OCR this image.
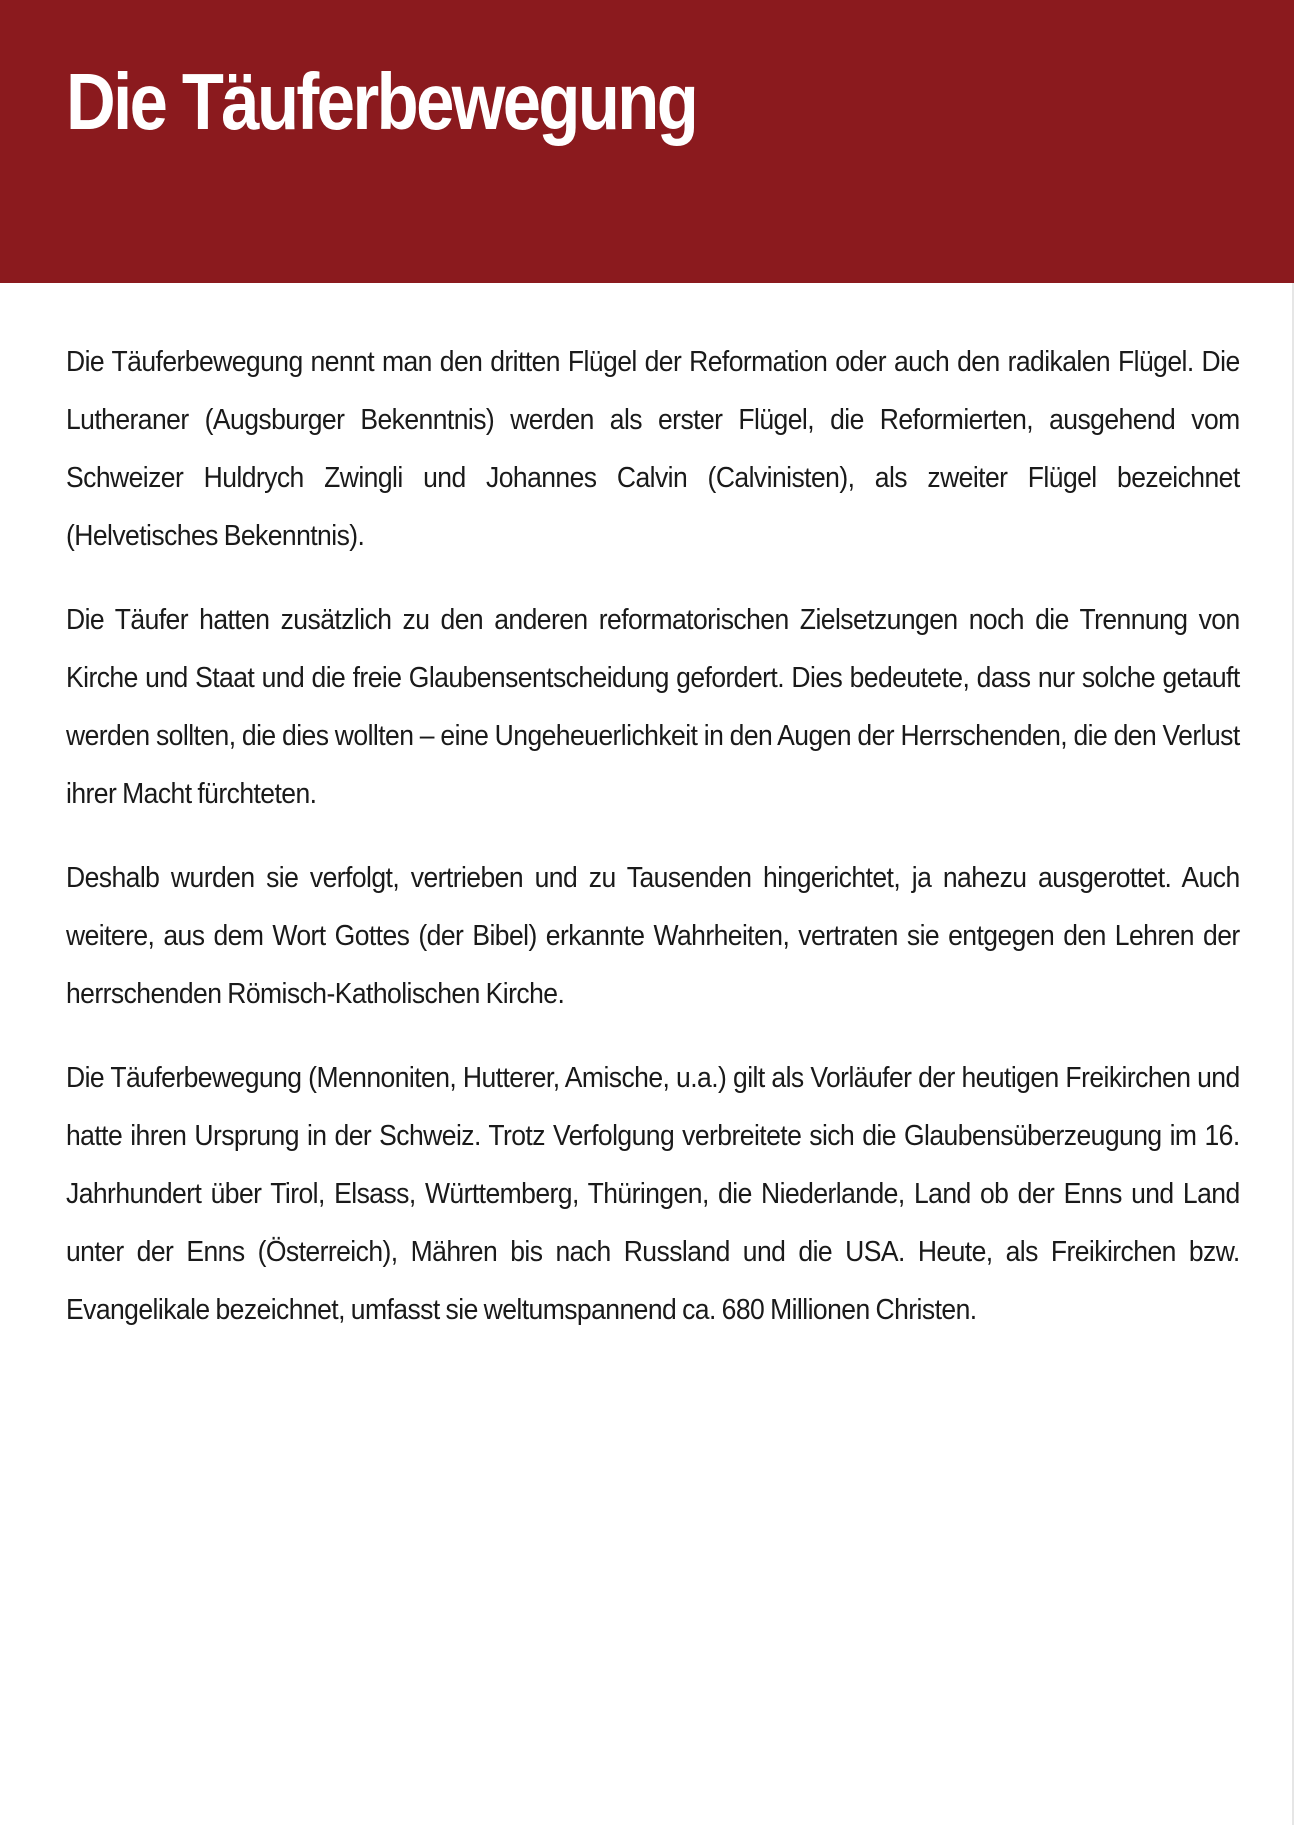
Die Täuferbewegung

Die Täuferbewegung nennt man den dritten Flügel der Reformation oder auch den radikalen Flügel. Die Lutheraner (Augsburger Bekenntnis) werden als erster Flügel, die Reformierten, ausgehend vom Schweizer Huldrych Zwingli und Johannes Calvin (Calvinisten), als zweiter Flügel bezeichnet (Helvetisches Bekenntnis).

Die Täufer hatten zusätzlich zu den anderen reformatorischen Zielsetzungen noch die Trennung von Kirche und Staat und die freie Glaubensentscheidung gefordert. Dies bedeutete, dass nur solche getauft werden sollten, die dies wollten – eine Ungeheuerlichkeit in den Augen der Herrschenden, die den Verlust ihrer Macht fürchteten.

Deshalb wurden sie verfolgt, vertrieben und zu Tausenden hingerichtet, ja nahezu ausgerottet. Auch weitere, aus dem Wort Gottes (der Bibel) erkannte Wahrheiten, vertraten sie entgegen den Lehren der herrschenden Römisch-Katholischen Kirche.

Die Täuferbewegung (Mennoniten, Hutterer, Amische, u.a.) gilt als Vorläufer der heutigen Freikirchen und hatte ihren Ursprung in der Schweiz. Trotz Verfolgung verbreitete sich die Glaubensüberzeugung im 16. Jahrhundert über Tirol, Elsass, Württemberg, Thüringen, die Niederlande, Land ob der Enns und Land unter der Enns (Österreich), Mähren bis nach Russland und die USA. Heute, als Freikirchen bzw. Evangelikale bezeichnet, umfasst sie weltumspannend ca. 680 Millionen Christen.
